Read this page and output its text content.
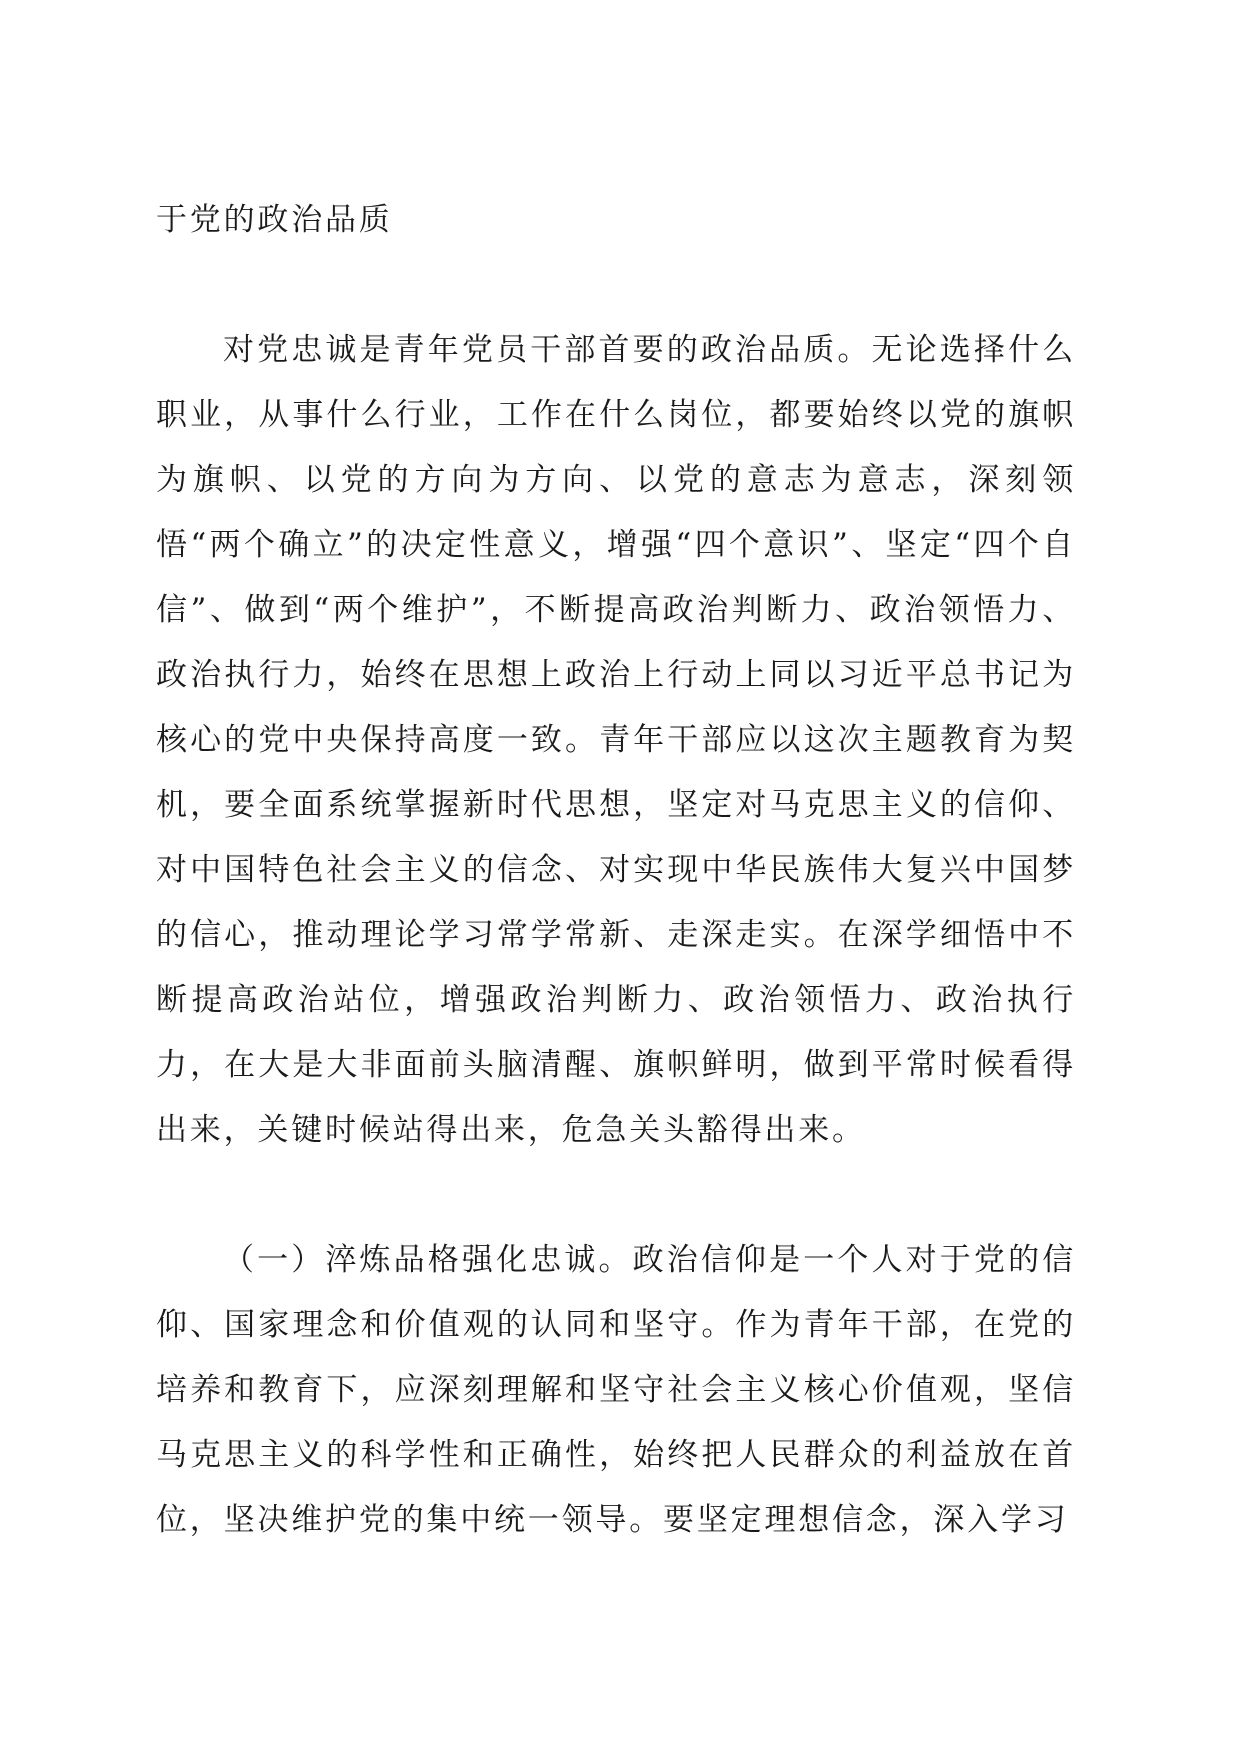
于党的政治品质

对党忠诚是青年党员干部首要的政治品质。无论选择什么职业，从事什么行业，工作在什么岗位，都要始终以党的旗帜为旗帜、以党的方向为方向、以党的意志为意志，深刻领悟“两个确立”的决定性意义，增强“四个意识”、坚定“四个自信”、做到“两个维护”，不断提高政治判断力、政治领悟力、政治执行力，始终在思想上政治上行动上同以习近平总书记为核心的党中央保持高度一致。青年干部应以这次主题教育为契机，要全面系统掌握新时代思想，坚定对马克思主义的信仰、对中国特色社会主义的信念、对实现中华民族伟大复兴中国梦的信心，推动理论学习常学常新、走深走实。在深学细悟中不断提高政治站位，增强政治判断力、政治领悟力、政治执行力，在大是大非面前头脑清醒、旗帜鲜明，做到平常时候看得出来，关键时候站得出来，危急关头豁得出来。

（一）淬炼品格强化忠诚。政治信仰是一个人对于党的信仰、国家理念和价值观的认同和坚守。作为青年干部，在党的培养和教育下，应深刻理解和坚守社会主义核心价值观，坚信马克思主义的科学性和正确性，始终把人民群众的利益放在首位，坚决维护党的集中统一领导。要坚定理想信念，深入学习
